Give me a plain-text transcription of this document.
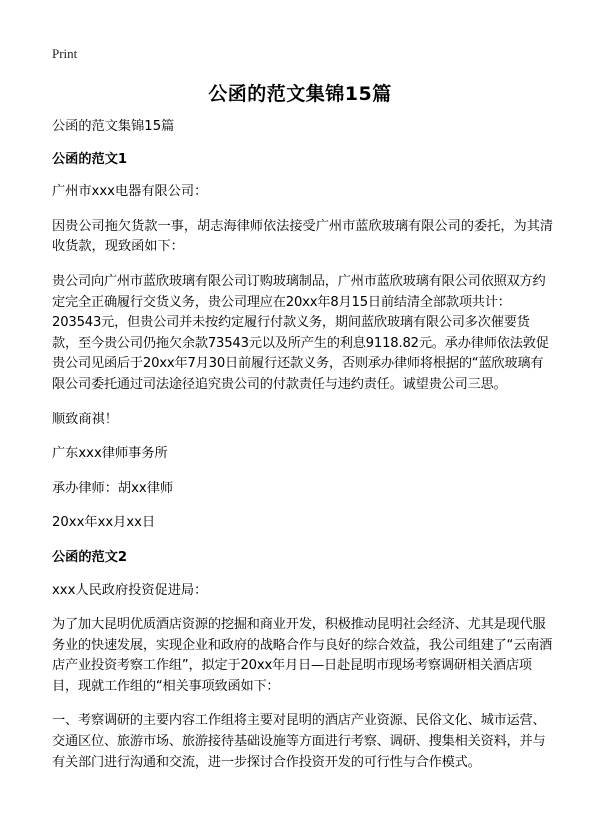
Print
公函的范文集锦15篇

公函的范文集锦15篇

公函的范文1

广州市xxx电器有限公司：

因贵公司拖欠货款一事，胡志海律师依法接受广州市蓝欣玻璃有限公司的委托，为其清收货款，现致函如下：

贵公司向广州市蓝欣玻璃有限公司订购玻璃制品，广州市蓝欣玻璃有限公司依照双方约定完全正确履行交货义务，贵公司理应在20xx年8月15日前结清全部款项共计：203543元，但贵公司并未按约定履行付款义务，期间蓝欣玻璃有限公司多次催要货款，至今贵公司仍拖欠余款73543元以及所产生的利息9118.82元。承办律师依法敦促贵公司见函后于20xx年7月30日前履行还款义务，否则承办律师将根据的“蓝欣玻璃有限公司委托通过司法途径追究贵公司的付款责任与违约责任。诚望贵公司三思。

顺致商祺！

广东xxx律师事务所

承办律师：胡xx律师

20xx年xx月xx日

公函的范文2

xxx人民政府投资促进局：

为了加大昆明优质酒店资源的挖掘和商业开发，积极推动昆明社会经济、尤其是现代服务业的快速发展，实现企业和政府的战略合作与良好的综合效益，我公司组建了“云南酒店产业投资考察工作组”，拟定于20xx年月日—日赴昆明市现场考察调研相关酒店项目，现就工作组的“相关事项致函如下：

一、考察调研的主要内容工作组将主要对昆明的酒店产业资源、民俗文化、城市运营、交通区位、旅游市场、旅游接待基础设施等方面进行考察、调研、搜集相关资料，并与有关部门进行沟通和交流，进一步探讨合作投资开发的可行性与合作模式。
